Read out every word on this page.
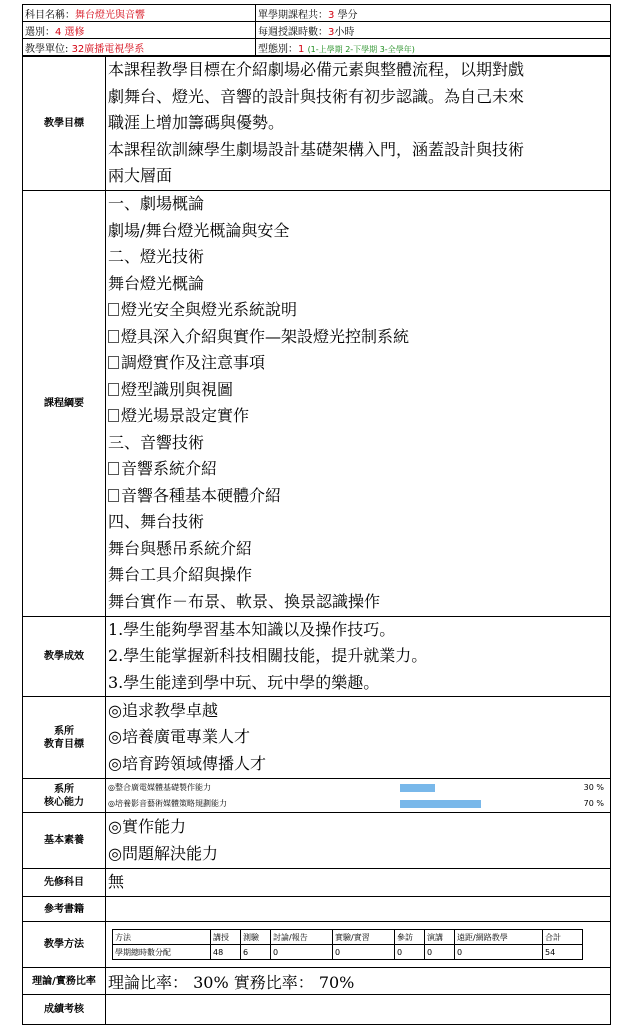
科目名稱：舞台燈光與音響	單學期課程共：3 學分
選別：4 選修	每週授課時數：3小時
教學單位: 32廣播電視學系	型態別：1 (1-上學期 2-下學期 3-全學年)
教學目標	
本課程教學目標在介紹劇場必備元素與整體流程，以期對戲
劇舞台、燈光、音響的設計與技術有初步認識。為自己未來
職涯上增加籌碼與優勢。
本課程欲訓練學生劇場設計基礎架構入門，涵蓋設計與技術
兩大層面

課程綱要	
一、劇場概論
劇場/舞台燈光概論與安全
二、燈光技術
舞台燈光概論
燈光安全與燈光系統說明
燈具深入介紹與實作—架設燈光控制系統
調燈實作及注意事項
燈型識別與視圖
燈光場景設定實作
三、音響技術
音響系統介紹
音響各種基本硬體介紹
四、舞台技術
舞台與懸吊系統介紹
舞台工具介紹與操作
舞台實作－布景、軟景、換景認識操作

教學成效	
1.學生能夠學習基本知識以及操作技巧。
2.學生能掌握新科技相關技能，提升就業力。
3.學生能達到學中玩、玩中學的樂趣。

系所
教育目標

◎追求教學卓越
◎培養廣電專業人才
◎培育跨領域傳播人才

系所
核心能力

◎整合廣電媒體基礎製作能力	30 %
◎培養影音藝術媒體策略規劃能力	70 %

基本素養	
◎實作能力
◎問題解決能力

先修科目	無
參考書籍	
教學方法	
方法	講授	測驗	討論/報告	實驗/實習	參訪	演講	遠距/網路教學	合計
學期總時數分配	48	6	0	0	0	0	0	54

理論/實務比率	理論比率： 30% 實務比率： 70%
成績考核	
